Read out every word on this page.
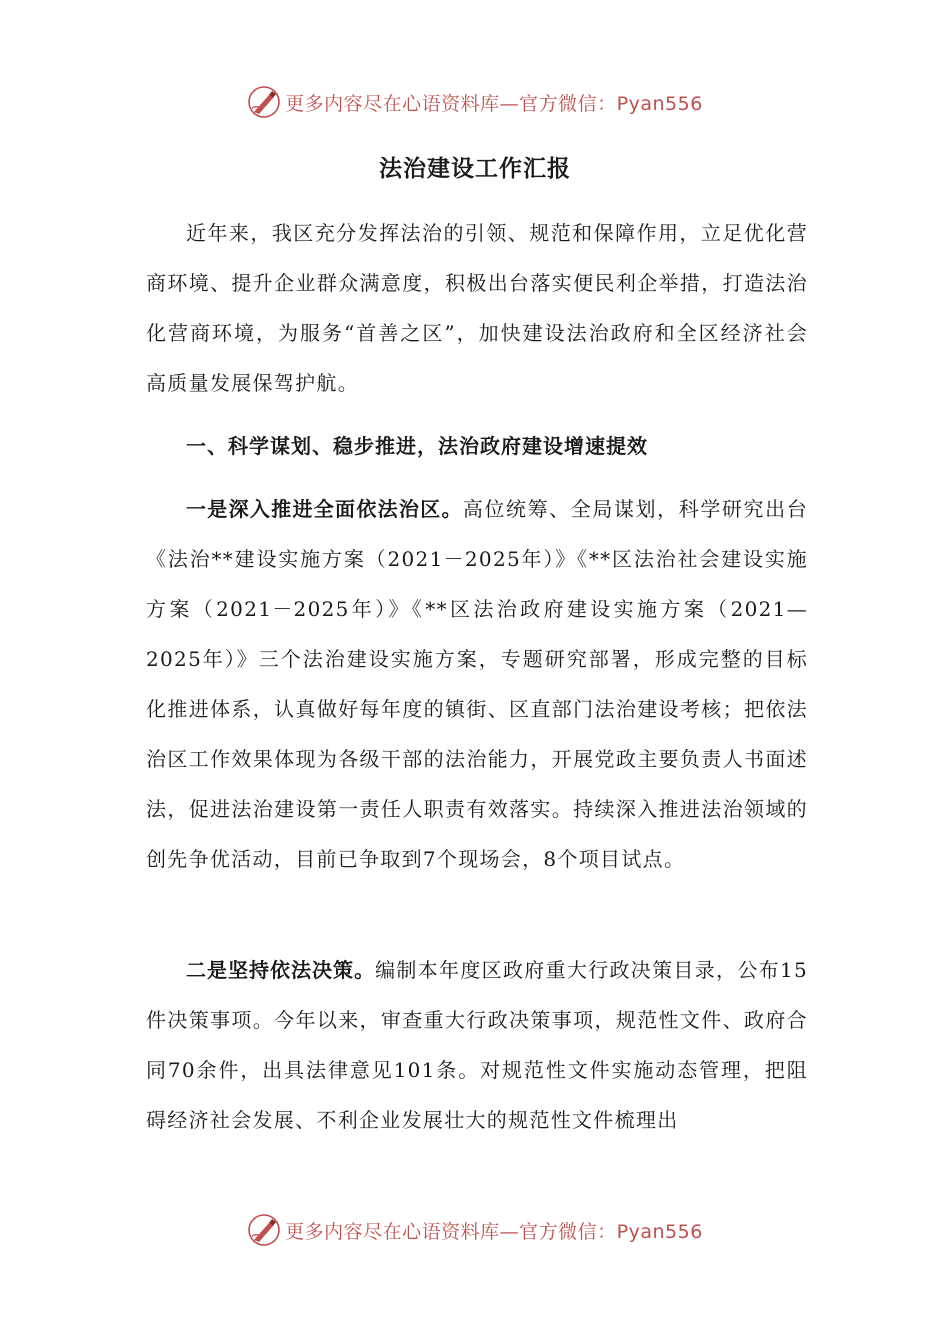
更多内容尽在心语资料库—官方微信：Pyan556
法治建设工作汇报

近年来，我区充分发挥法治的引领、规范和保障作用，立足优化营商环境、提升企业群众满意度，积极出台落实便民利企举措，打造法治化营商环境，为服务“首善之区”，加快建设法治政府和全区经济社会高质量发展保驾护航。

一、科学谋划、稳步推进，法治政府建设增速提效

一是深入推进全面依法治区。高位统筹、全局谋划，科学研究出台《法治**建设实施方案（2021－2025年）》《**区法治社会建设实施方案（2021－2025年）》《**区法治政府建设实施方案（2021—2025年）》三个法治建设实施方案，专题研究部署，形成完整的目标化推进体系，认真做好每年度的镇街、区直部门法治建设考核；把依法治区工作效果体现为各级干部的法治能力，开展党政主要负责人书面述法，促进法治建设第一责任人职责有效落实。持续深入推进法治领域的创先争优活动，目前已争取到7个现场会，8个项目试点。

二是坚持依法决策。编制本年度区政府重大行政决策目录，公布15件决策事项。今年以来，审查重大行政决策事项，规范性文件、政府合同70余件，出具法律意见101条。对规范性文件实施动态管理，把阻碍经济社会发展、不利企业发展壮大的规范性文件梳理出

更多内容尽在心语资料库—官方微信：Pyan556
